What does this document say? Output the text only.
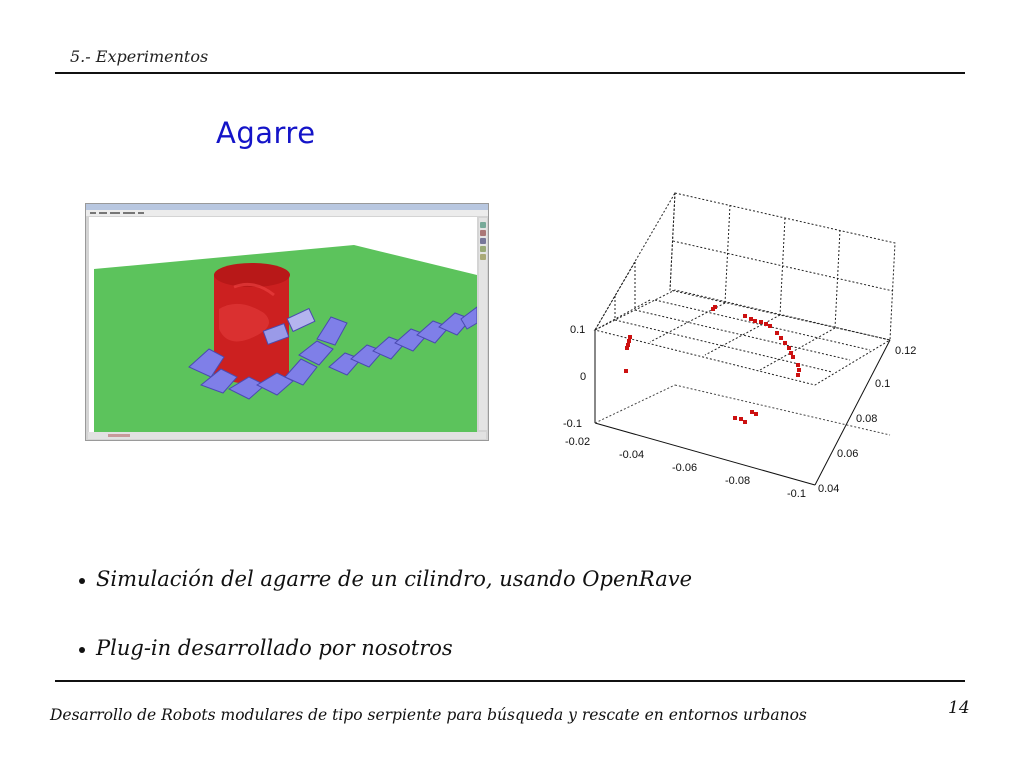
5.- Experimentos
Agarre
0.1
0
-0.1
-0.02
-0.04
-0.06
-0.08
-0.1 0.04
0.06
0.08
0.1
0.12
Simulación del agarre de un cilindro, usando OpenRave
Plug-in desarrollado por nosotros
Desarrollo de Robots modulares de tipo serpiente para búsqueda y rescate en entornos urbanos	14
